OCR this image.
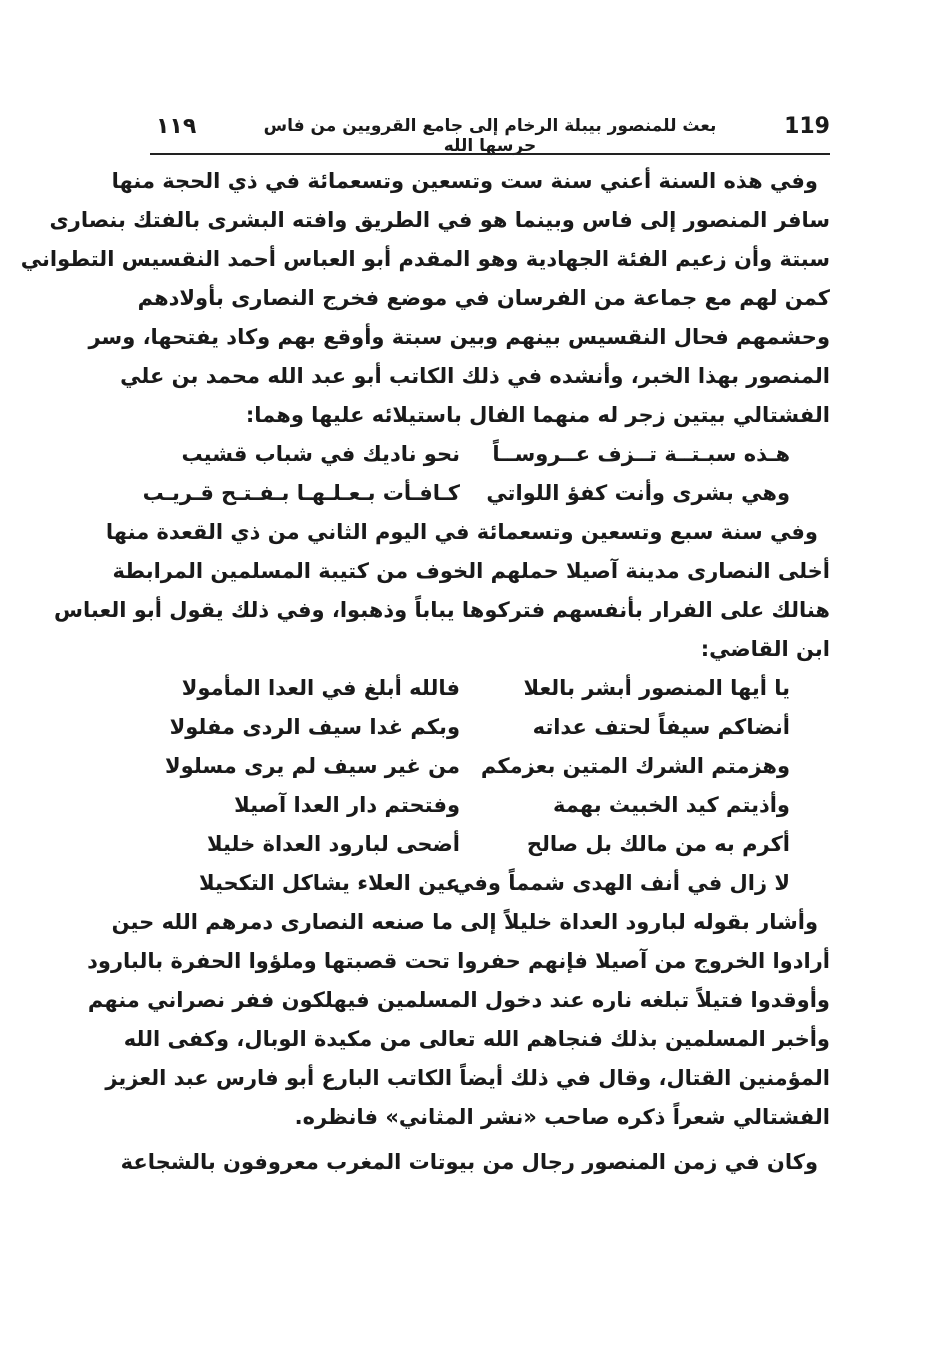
119
بعث للمنصور بيبلة الرخام إلى جامع القرويين من فاس حرسها الله
١١٩
وفي هذه السنة أعني سنة ست وتسعين وتسعمائة في ذي الحجة منها
سافر المنصور إلى فاس وبينما هو في الطريق وافته البشرى بالفتك بنصارى
سبتة وأن زعيم الفئة الجهادية وهو المقدم أبو العباس أحمد النقسيس التطواني
كمن لهم مع جماعة من الفرسان في موضع فخرج النصارى بأولادهم
وحشمهم فحال النقسيس بينهم وبين سبتة وأوقع بهم وكاد يفتحها، وسر
المنصور بهذا الخبر، وأنشده في ذلك الكاتب أبو عبد الله محمد بن علي
الفشتالي بيتين زجر له منهما الفال باستيلائه عليها وهما:
هـذه سبـتــة تــزف عــروســاً
نحو ناديك في شباب قشيب
وهي بشرى وأنت كفؤ اللواتي
كـافـأت بـعـلـهـا بـفـتـح قـريـب
وفي سنة سبع وتسعين وتسعمائة في اليوم الثاني من ذي القعدة منها
أخلى النصارى مدينة آصيلا حملهم الخوف من كتيبة المسلمين المرابطة
هنالك على الفرار بأنفسهم فتركوها يباباً وذهبوا، وفي ذلك يقول أبو العباس
ابن القاضي:
يا أيها المنصور أبشر بالعلا
فالله أبلغ في العدا المأمولا
أنضاكم سيفاً لحتف عداته
وبكم غدا سيف الردى مفلولا
وهزمتم الشرك المتين بعزمكم
من غير سيف لم يرى مسلولا
وأذيتم كيد الخبيث بهمة
وفتحتم دار العدا آصيلا
أكرم به من مالك بل صالح
أضحى لبارود العداة خليلا
لا زال في أنف الهدى شمماً وفي
عين العلاء يشاكل التكحيلا
وأشار بقوله لبارود العداة خليلاً إلى ما صنعه النصارى دمرهم الله حين
أرادوا الخروج من آصيلا فإنهم حفروا تحت قصبتها وملؤوا الحفرة بالبارود
وأوقدوا فتيلاً تبلغه ناره عند دخول المسلمين فيهلكون ففر نصراني منهم
وأخبر المسلمين بذلك فنجاهم الله تعالى من مكيدة الوبال، وكفى الله
المؤمنين القتال، وقال في ذلك أيضاً الكاتب البارع أبو فارس عبد العزيز
الفشتالي شعراً ذكره صاحب «نشر المثاني» فانظره.
وكان في زمن المنصور رجال من بيوتات المغرب معروفون بالشجاعة
